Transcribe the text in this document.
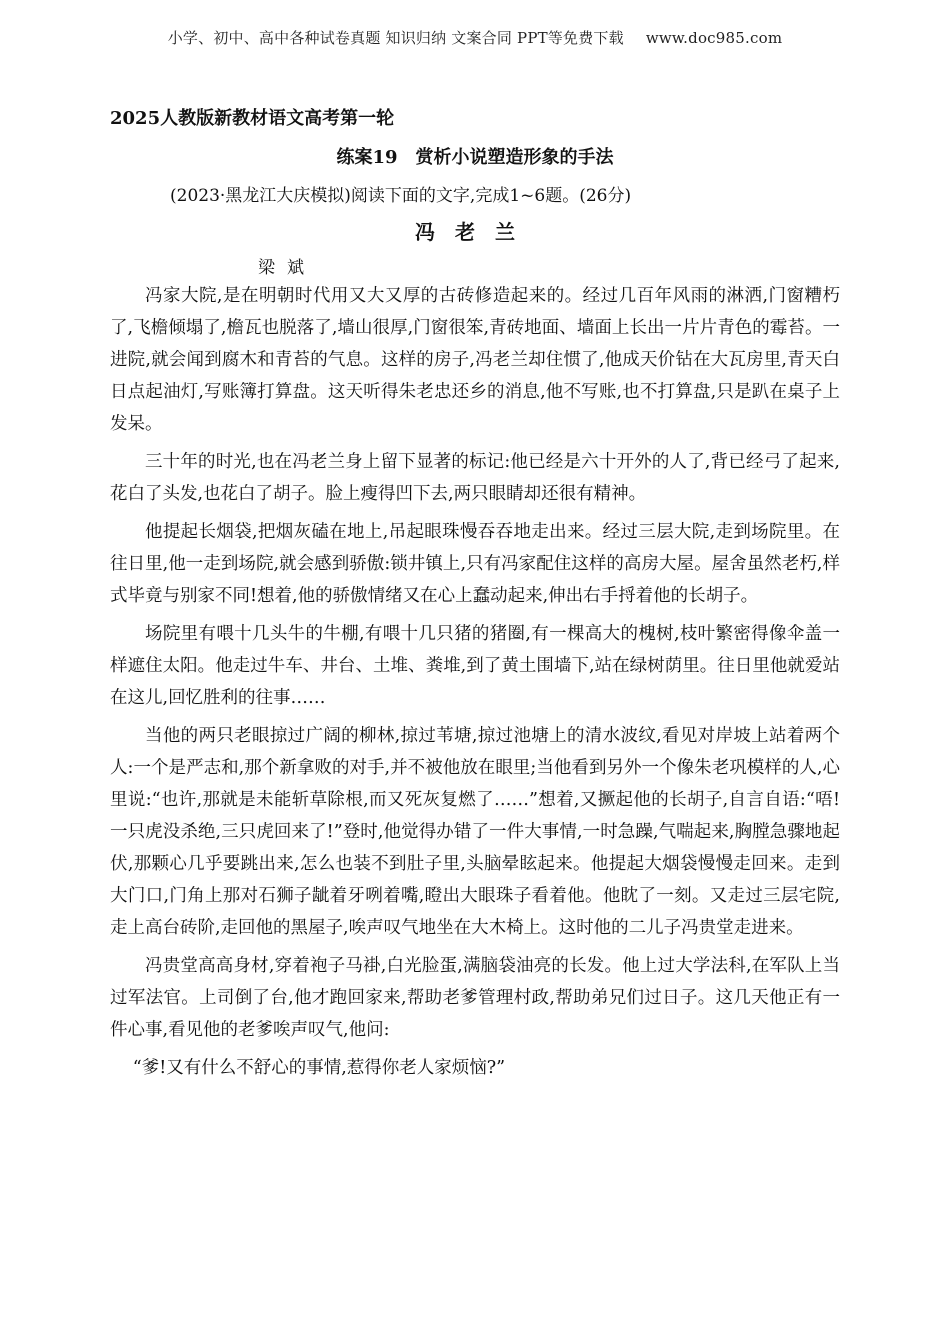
小学、初中、高中各种试卷真题 知识归纳 文案合同 PPT等免费下载 www.doc985.com
2025人教版新教材语文高考第一轮
练案19　赏析小说塑造形象的手法
(2023·黑龙江大庆模拟)阅读下面的文字,完成1~6题。(26分)
冯老兰
梁斌

冯家大院,是在明朝时代用又大又厚的古砖修造起来的。经过几百年风雨的淋洒,门窗糟朽了,飞檐倾塌了,檐瓦也脱落了,墙山很厚,门窗很笨,青砖地面、墙面上长出一片片青色的霉苔。一进院,就会闻到腐木和青苔的气息。这样的房子,冯老兰却住惯了,他成天价钻在大瓦房里,青天白日点起油灯,写账簿打算盘。这天听得朱老忠还乡的消息,他不写账,也不打算盘,只是趴在桌子上发呆。

三十年的时光,也在冯老兰身上留下显著的标记:他已经是六十开外的人了,背已经弓了起来,花白了头发,也花白了胡子。脸上瘦得凹下去,两只眼睛却还很有精神。

他提起长烟袋,把烟灰磕在地上,吊起眼珠慢吞吞地走出来。经过三层大院,走到场院里。在往日里,他一走到场院,就会感到骄傲:锁井镇上,只有冯家配住这样的高房大屋。屋舍虽然老朽,样式毕竟与别家不同!想着,他的骄傲情绪又在心上蠢动起来,伸出右手捋着他的长胡子。

场院里有喂十几头牛的牛棚,有喂十几只猪的猪圈,有一棵高大的槐树,枝叶繁密得像伞盖一样遮住太阳。他走过牛车、井台、土堆、粪堆,到了黄土围墙下,站在绿树荫里。往日里他就爱站在这儿,回忆胜利的往事……

当他的两只老眼掠过广阔的柳林,掠过苇塘,掠过池塘上的清水波纹,看见对岸坡上站着两个人:一个是严志和,那个新拿败的对手,并不被他放在眼里;当他看到另外一个像朱老巩模样的人,心里说:“也许,那就是未能斩草除根,而又死灰复燃了……”想着,又撅起他的长胡子,自言自语:“唔!一只虎没杀绝,三只虎回来了!”登时,他觉得办错了一件大事情,一时急躁,气喘起来,胸膛急骤地起伏,那颗心几乎要跳出来,怎么也装不到肚子里,头脑晕眩起来。他提起大烟袋慢慢走回来。走到大门口,门角上那对石狮子龇着牙咧着嘴,瞪出大眼珠子看着他。他眈了一刻。又走过三层宅院,走上高台砖阶,走回他的黑屋子,唉声叹气地坐在大木椅上。这时他的二儿子冯贵堂走进来。

冯贵堂高高身材,穿着袍子马褂,白光脸蛋,满脑袋油亮的长发。他上过大学法科,在军队上当过军法官。上司倒了台,他才跑回家来,帮助老爹管理村政,帮助弟兄们过日子。这几天他正有一件心事,看见他的老爹唉声叹气,他问:

“爹!又有什么不舒心的事情,惹得你老人家烦恼?”
